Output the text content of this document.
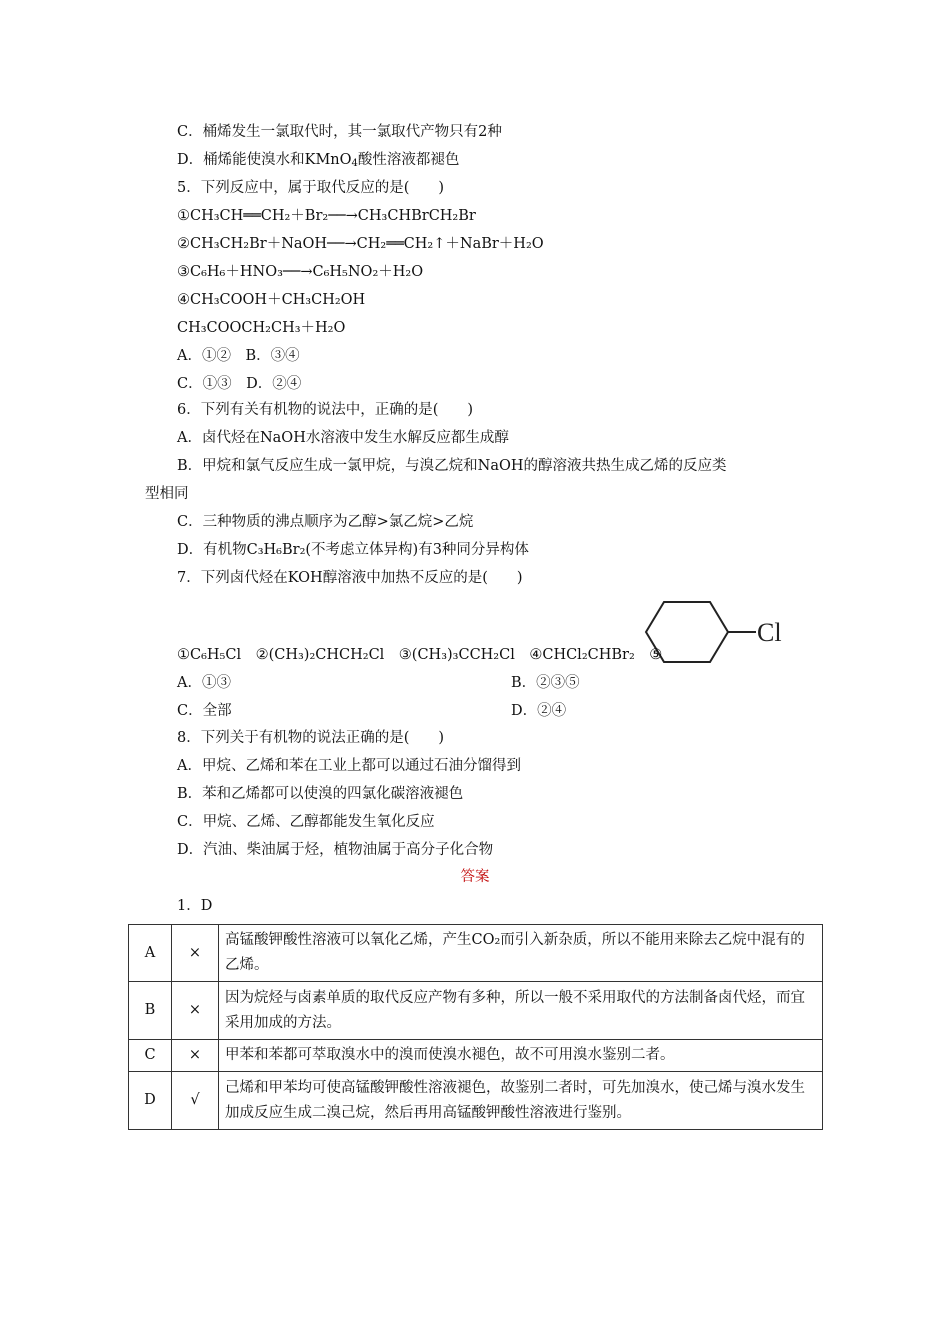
C．桶烯发生一氯取代时，其一氯取代产物只有2种
D．桶烯能使溴水和KMnO$_4$酸性溶液都褪色
5．下列反应中，属于取代反应的是(　　)
①CH₃CH══CH₂＋Br₂──→CH₃CHBrCH₂Br
②CH₃CH₂Br＋NaOH──→CH₂══CH₂↑＋NaBr＋H₂O
③C₆H₆＋HNO₃──→C₆H₅NO₂＋H₂O
④CH₃COOH＋CH₃CH₂OH
CH₃COOCH₂CH₃＋H₂O
A．①②　B．③④
C．①③　D．②④
6．下列有关有机物的说法中，正确的是(　　)
A．卤代烃在NaOH水溶液中发生水解反应都生成醇
B．甲烷和氯气反应生成一氯甲烷，与溴乙烷和NaOH的醇溶液共热生成乙烯的反应类
型相同
C．三种物质的沸点顺序为乙醇>氯乙烷>乙烷
D．有机物C₃H₆Br₂(不考虑立体异构)有3种同分异构体
7．下列卤代烃在KOH醇溶液中加热不反应的是(　　)
Cl
①C₆H₅Cl　②(CH₃)₂CHCH₂Cl　③(CH₃)₃CCH₂Cl　④CHCl₂CHBr₂　⑤
A．①③	B．②③⑤
C．全部	D．②④
8．下列关于有机物的说法正确的是(　　)
A．甲烷、乙烯和苯在工业上都可以通过石油分馏得到
B．苯和乙烯都可以使溴的四氯化碳溶液褪色
C．甲烷、乙烯、乙醇都能发生氧化反应
D．汽油、柴油属于烃，植物油属于高分子化合物
答案
1．D
A	×	高锰酸钾酸性溶液可以氧化乙烯，产生CO₂而引入新杂质，所以不能用来除去乙烷中混有的乙烯。
B	×	因为烷烃与卤素单质的取代反应产物有多种，所以一般不采用取代的方法制备卤代烃，而宜采用加成的方法。
C	×	甲苯和苯都可萃取溴水中的溴而使溴水褪色，故不可用溴水鉴别二者。
D	√	己烯和甲苯均可使高锰酸钾酸性溶液褪色，故鉴别二者时，可先加溴水，使己烯与溴水发生加成反应生成二溴己烷，然后再用高锰酸钾酸性溶液进行鉴别。
